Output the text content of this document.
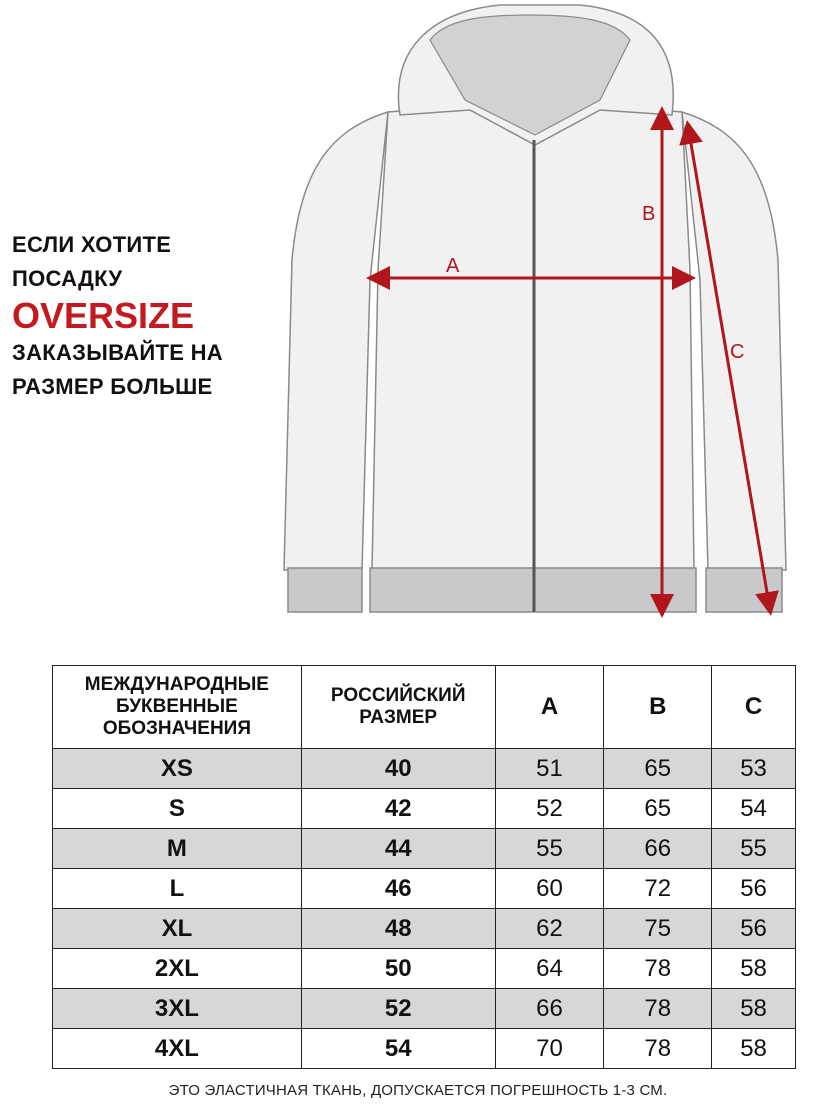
ЕСЛИ ХОТИТЕ
ПОСАДКУ
OVERSIZE
ЗАКАЗЫВАЙТЕ НА
РАЗМЕР БОЛЬШЕ
A
B
C
МЕЖДУНАРОДНЫЕ БУКВЕННЫЕ ОБОЗНАЧЕНИЯ	РОССИЙСКИЙ РАЗМЕР	A	B	C
XS	40	51	65	53
S	42	52	65	54
M	44	55	66	55
L	46	60	72	56
XL	48	62	75	56
2XL	50	64	78	58
3XL	52	66	78	58
4XL	54	70	78	58
ЭТО ЭЛАСТИЧНАЯ ТКАНЬ, ДОПУСКАЕТСЯ ПОГРЕШНОСТЬ 1-3 СМ.
